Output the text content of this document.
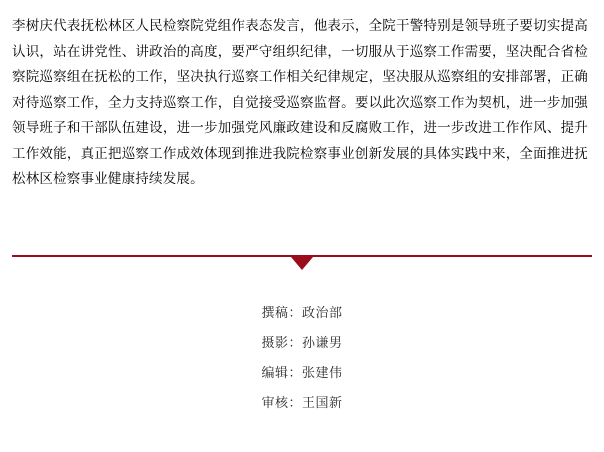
李树庆代表抚松林区人民检察院党组作表态发言，他表示，全院干警特别是领导班子要切实提高认识，站在讲党性、讲政治的高度，要严守组织纪律，一切服从于巡察工作需要，坚决配合省检察院巡察组在抚松的工作，坚决执行巡察工作相关纪律规定，坚决服从巡察组的安排部署，正确对待巡察工作，全力支持巡察工作，自觉接受巡察监督。要以此次巡察工作为契机，进一步加强领导班子和干部队伍建设，进一步加强党风廉政建设和反腐败工作，进一步改进工作作风、提升工作效能，真正把巡察工作成效体现到推进我院检察事业创新发展的具体实践中来，全面推进抚松林区检察事业健康持续发展。

撰稿：政治部
摄影：孙谦男
编辑：张建伟
审核：王国新
